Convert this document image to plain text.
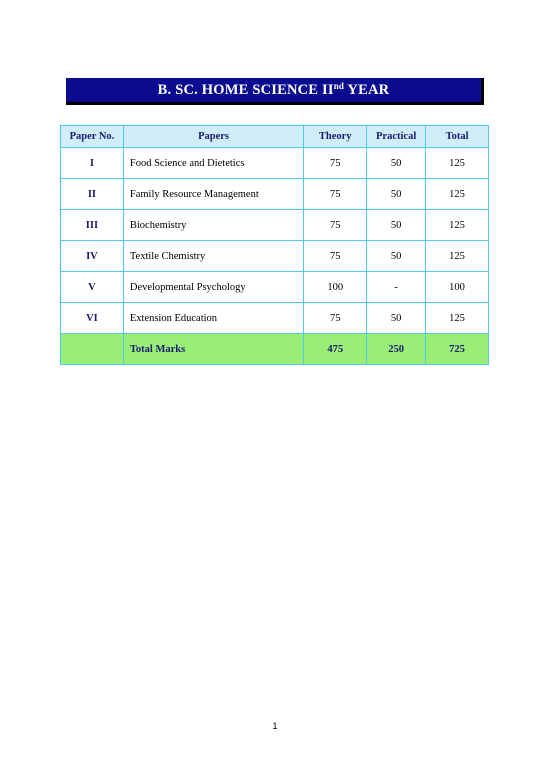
B. SC. HOME SCIENCE IInd YEAR
Paper No.	Papers	Theory	Practical	Total
I	Food Science and Dietetics	75	50	125
II	Family Resource Management	75	50	125
III	Biochemistry	75	50	125
IV	Textile Chemistry	75	50	125
V	Developmental Psychology	100	-	100
VI	Extension Education	75	50	125
	Total Marks	475	250	725
1
